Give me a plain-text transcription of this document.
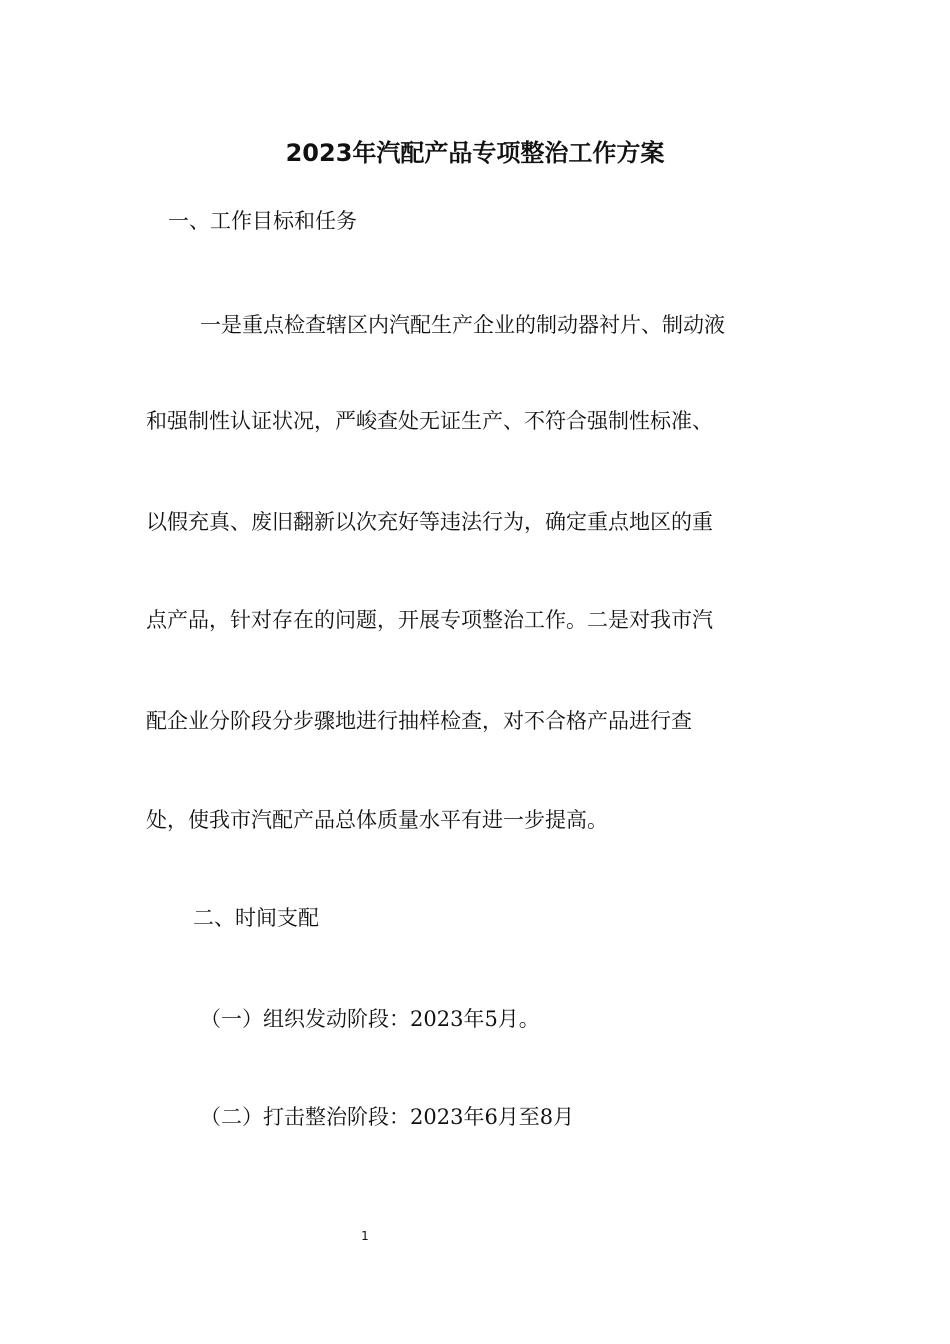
2023年汽配产品专项整治工作方案

一、工作目标和任务

一是重点检查辖区内汽配生产企业的制动器衬片、制动液

和强制性认证状况，严峻查处无证生产、不符合强制性标准、

以假充真、废旧翻新以次充好等违法行为，确定重点地区的重

点产品，针对存在的问题，开展专项整治工作。二是对我市汽

配企业分阶段分步骤地进行抽样检查，对不合格产品进行查

处，使我市汽配产品总体质量水平有进一步提高。

二、时间支配

（一）组织发动阶段：2023年5月。

（二）打击整治阶段：2023年6月至8月

1
